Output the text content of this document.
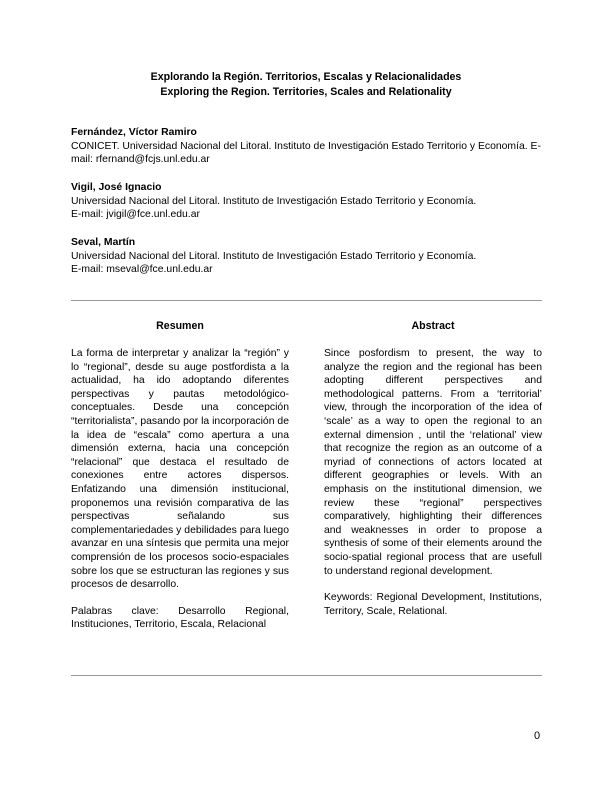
Explorando la Región. Territorios, Escalas y Relacionalidades
Exploring the Region. Territories, Scales and Relationality
Fernández, Víctor Ramiro
CONICET. Universidad Nacional del Litoral. Instituto de Investigación Estado Territorio y Economía. E-mail: rfernand@fcjs.unl.edu.ar
Vigil, José Ignacio
Universidad Nacional del Litoral. Instituto de Investigación Estado Territorio y Economía.
E-mail: jvigil@fce.unl.edu.ar
Seval, Martín
Universidad Nacional del Litoral. Instituto de Investigación Estado Territorio y Economía.
E-mail: mseval@fce.unl.edu.ar
Resumen

La forma de interpretar y analizar la “región” y lo “regional”, desde su auge postfordista a la actualidad, ha ido adoptando diferentes perspectivas y pautas metodológico-conceptuales. Desde una concepción “territorialista”, pasando por la incorporación de la idea de “escala” como apertura a una dimensión externa, hacia una concepción “relacional” que destaca el resultado de conexiones entre actores dispersos. Enfatizando una dimensión institucional, proponemos una revisión comparativa de las perspectivas señalando sus complementariedades y debilidades para luego avanzar en una síntesis que permita una mejor comprensión de los procesos socio-espaciales sobre los que se estructuran las regiones y sus procesos de desarrollo.

Palabras clave: Desarrollo Regional, Instituciones, Territorio, Escala, Relacional

Abstract

Since posfordism to present, the way to analyze the region and the regional has been adopting different perspectives and methodological patterns. From a ‘territorial’ view, through the incorporation of the idea of ‘scale’ as a way to open the regional to an external dimension , until the ‘relational’ view that recognize the region as an outcome of a myriad of connections of actors located at different geographies or levels. With an emphasis on the institutional dimension, we review these “regional” perspectives comparatively, highlighting their differences and weaknesses in order to propose a synthesis of some of their elements around the socio-spatial regional process that are usefull to understand regional development.

Keywords: Regional Development, Institutions, Territory, Scale, Relational.

0
